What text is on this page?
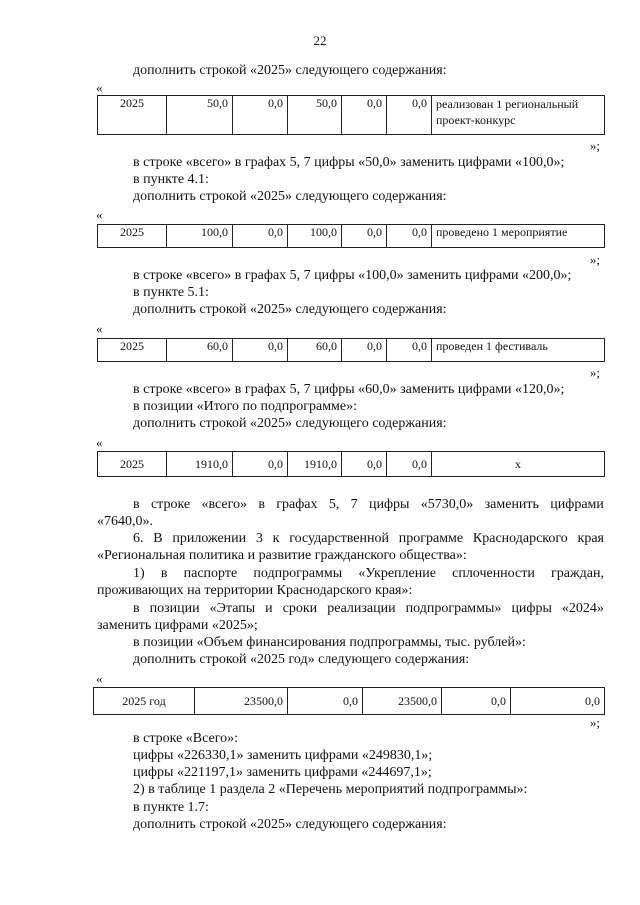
22
дополнить строкой «2025» следующего содержания:
«
2025	50,0	0,0	50,0	0,0	0,0	реализован 1 региональный проект-конкурс
»;
в строке «всего» в графах 5, 7 цифры «50,0» заменить цифрами «100,0»;
в пункте 4.1:
дополнить строкой «2025» следующего содержания:
«
2025	100,0	0,0	100,0	0,0	0,0	проведено 1 мероприятие
»;
в строке «всего» в графах 5, 7 цифры «100,0» заменить цифрами «200,0»;
в пункте 5.1:
дополнить строкой «2025» следующего содержания:
«
2025	60,0	0,0	60,0	0,0	0,0	проведен 1 фестиваль
»;
в строке «всего» в графах 5, 7 цифры «60,0» заменить цифрами «120,0»;
в позиции «Итого по подпрограмме»:
дополнить строкой «2025» следующего содержания:
«
2025	1910,0	0,0	1910,0	0,0	0,0	х
в строке «всего» в графах 5, 7 цифры «5730,0» заменить цифрами
«7640,0».
6. В приложении 3 к государственной программе Краснодарского края
«Региональная политика и развитие гражданского общества»:
1) в паспорте подпрограммы «Укрепление сплоченности граждан,
проживающих на территории Краснодарского края»:
в позиции «Этапы и сроки реализации подпрограммы» цифры «2024»
заменить цифрами «2025»;
в позиции «Объем финансирования подпрограммы, тыс. рублей»:
дополнить строкой «2025 год» следующего содержания:
«
2025 год	23500,0	0,0	23500,0	0,0	0,0
»;
в строке «Всего»:
цифры «226330,1» заменить цифрами «249830,1»;
цифры «221197,1» заменить цифрами «244697,1»;
2) в таблице 1 раздела 2 «Перечень мероприятий подпрограммы»:
в пункте 1.7:
дополнить строкой «2025» следующего содержания:
